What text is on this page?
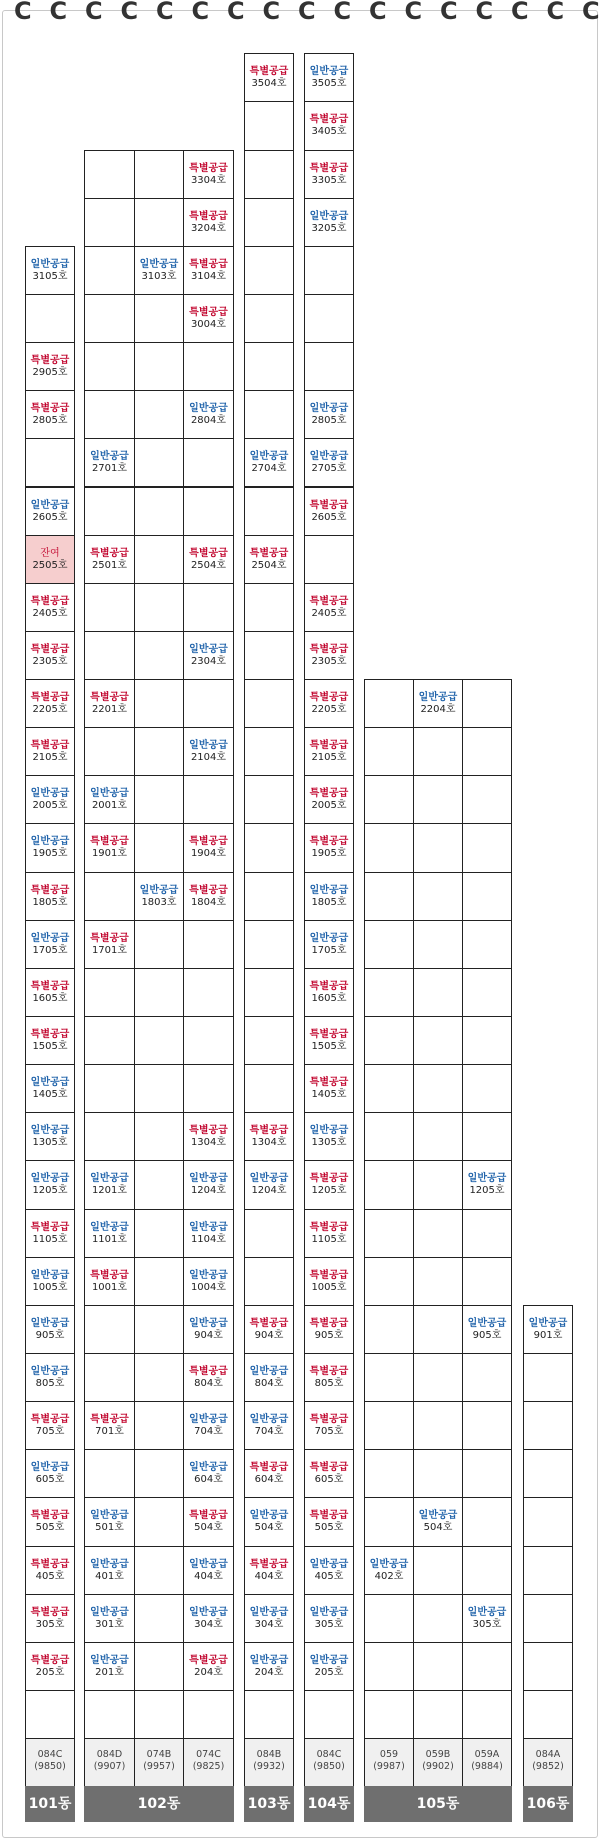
C C C C C C C C C C C C C C C C C
특별공급
205호
특별공급
305호
특별공급
405호
특별공급
505호
일반공급
605호
특별공급
705호
일반공급
805호
일반공급
905호
일반공급
1005호
특별공급
1105호
일반공급
1205호
일반공급
1305호
일반공급
1405호
특별공급
1505호
특별공급
1605호
일반공급
1705호
특별공급
1805호
일반공급
1905호
일반공급
2005호
특별공급
2105호
특별공급
2205호
특별공급
2305호
특별공급
2405호
잔여
2505호
일반공급
2605호
특별공급
2805호
특별공급
2905호
일반공급
3105호
084C
(9850)
101동
일반공급
201호
일반공급
301호
일반공급
401호
일반공급
501호
특별공급
701호
특별공급
1001호
일반공급
1101호
일반공급
1201호
특별공급
1701호
특별공급
1901호
일반공급
2001호
특별공급
2201호
특별공급
2501호
일반공급
2701호
084D
(9907)
일반공급
1803호
일반공급
3103호
074B
(9957)
특별공급
204호
일반공급
304호
일반공급
404호
특별공급
504호
일반공급
604호
일반공급
704호
특별공급
804호
일반공급
904호
일반공급
1004호
일반공급
1104호
일반공급
1204호
특별공급
1304호
특별공급
1804호
특별공급
1904호
일반공급
2104호
일반공급
2304호
특별공급
2504호
일반공급
2804호
특별공급
3004호
특별공급
3104호
특별공급
3204호
특별공급
3304호
074C
(9825)
102동
일반공급
204호
일반공급
304호
특별공급
404호
일반공급
504호
특별공급
604호
일반공급
704호
일반공급
804호
특별공급
904호
일반공급
1204호
특별공급
1304호
특별공급
2504호
일반공급
2704호
특별공급
3504호
084B
(9932)
103동
일반공급
205호
일반공급
305호
일반공급
405호
특별공급
505호
특별공급
605호
특별공급
705호
특별공급
805호
특별공급
905호
특별공급
1005호
특별공급
1105호
특별공급
1205호
일반공급
1305호
특별공급
1405호
특별공급
1505호
특별공급
1605호
일반공급
1705호
일반공급
1805호
특별공급
1905호
특별공급
2005호
특별공급
2105호
특별공급
2205호
특별공급
2305호
특별공급
2405호
특별공급
2605호
일반공급
2705호
일반공급
2805호
일반공급
3205호
특별공급
3305호
특별공급
3405호
일반공급
3505호
084C
(9850)
104동
일반공급
402호
059
(9987)
일반공급
504호
일반공급
2204호
059B
(9902)
일반공급
305호
일반공급
905호
일반공급
1205호
059A
(9884)
105동
일반공급
901호
084A
(9852)
106동
